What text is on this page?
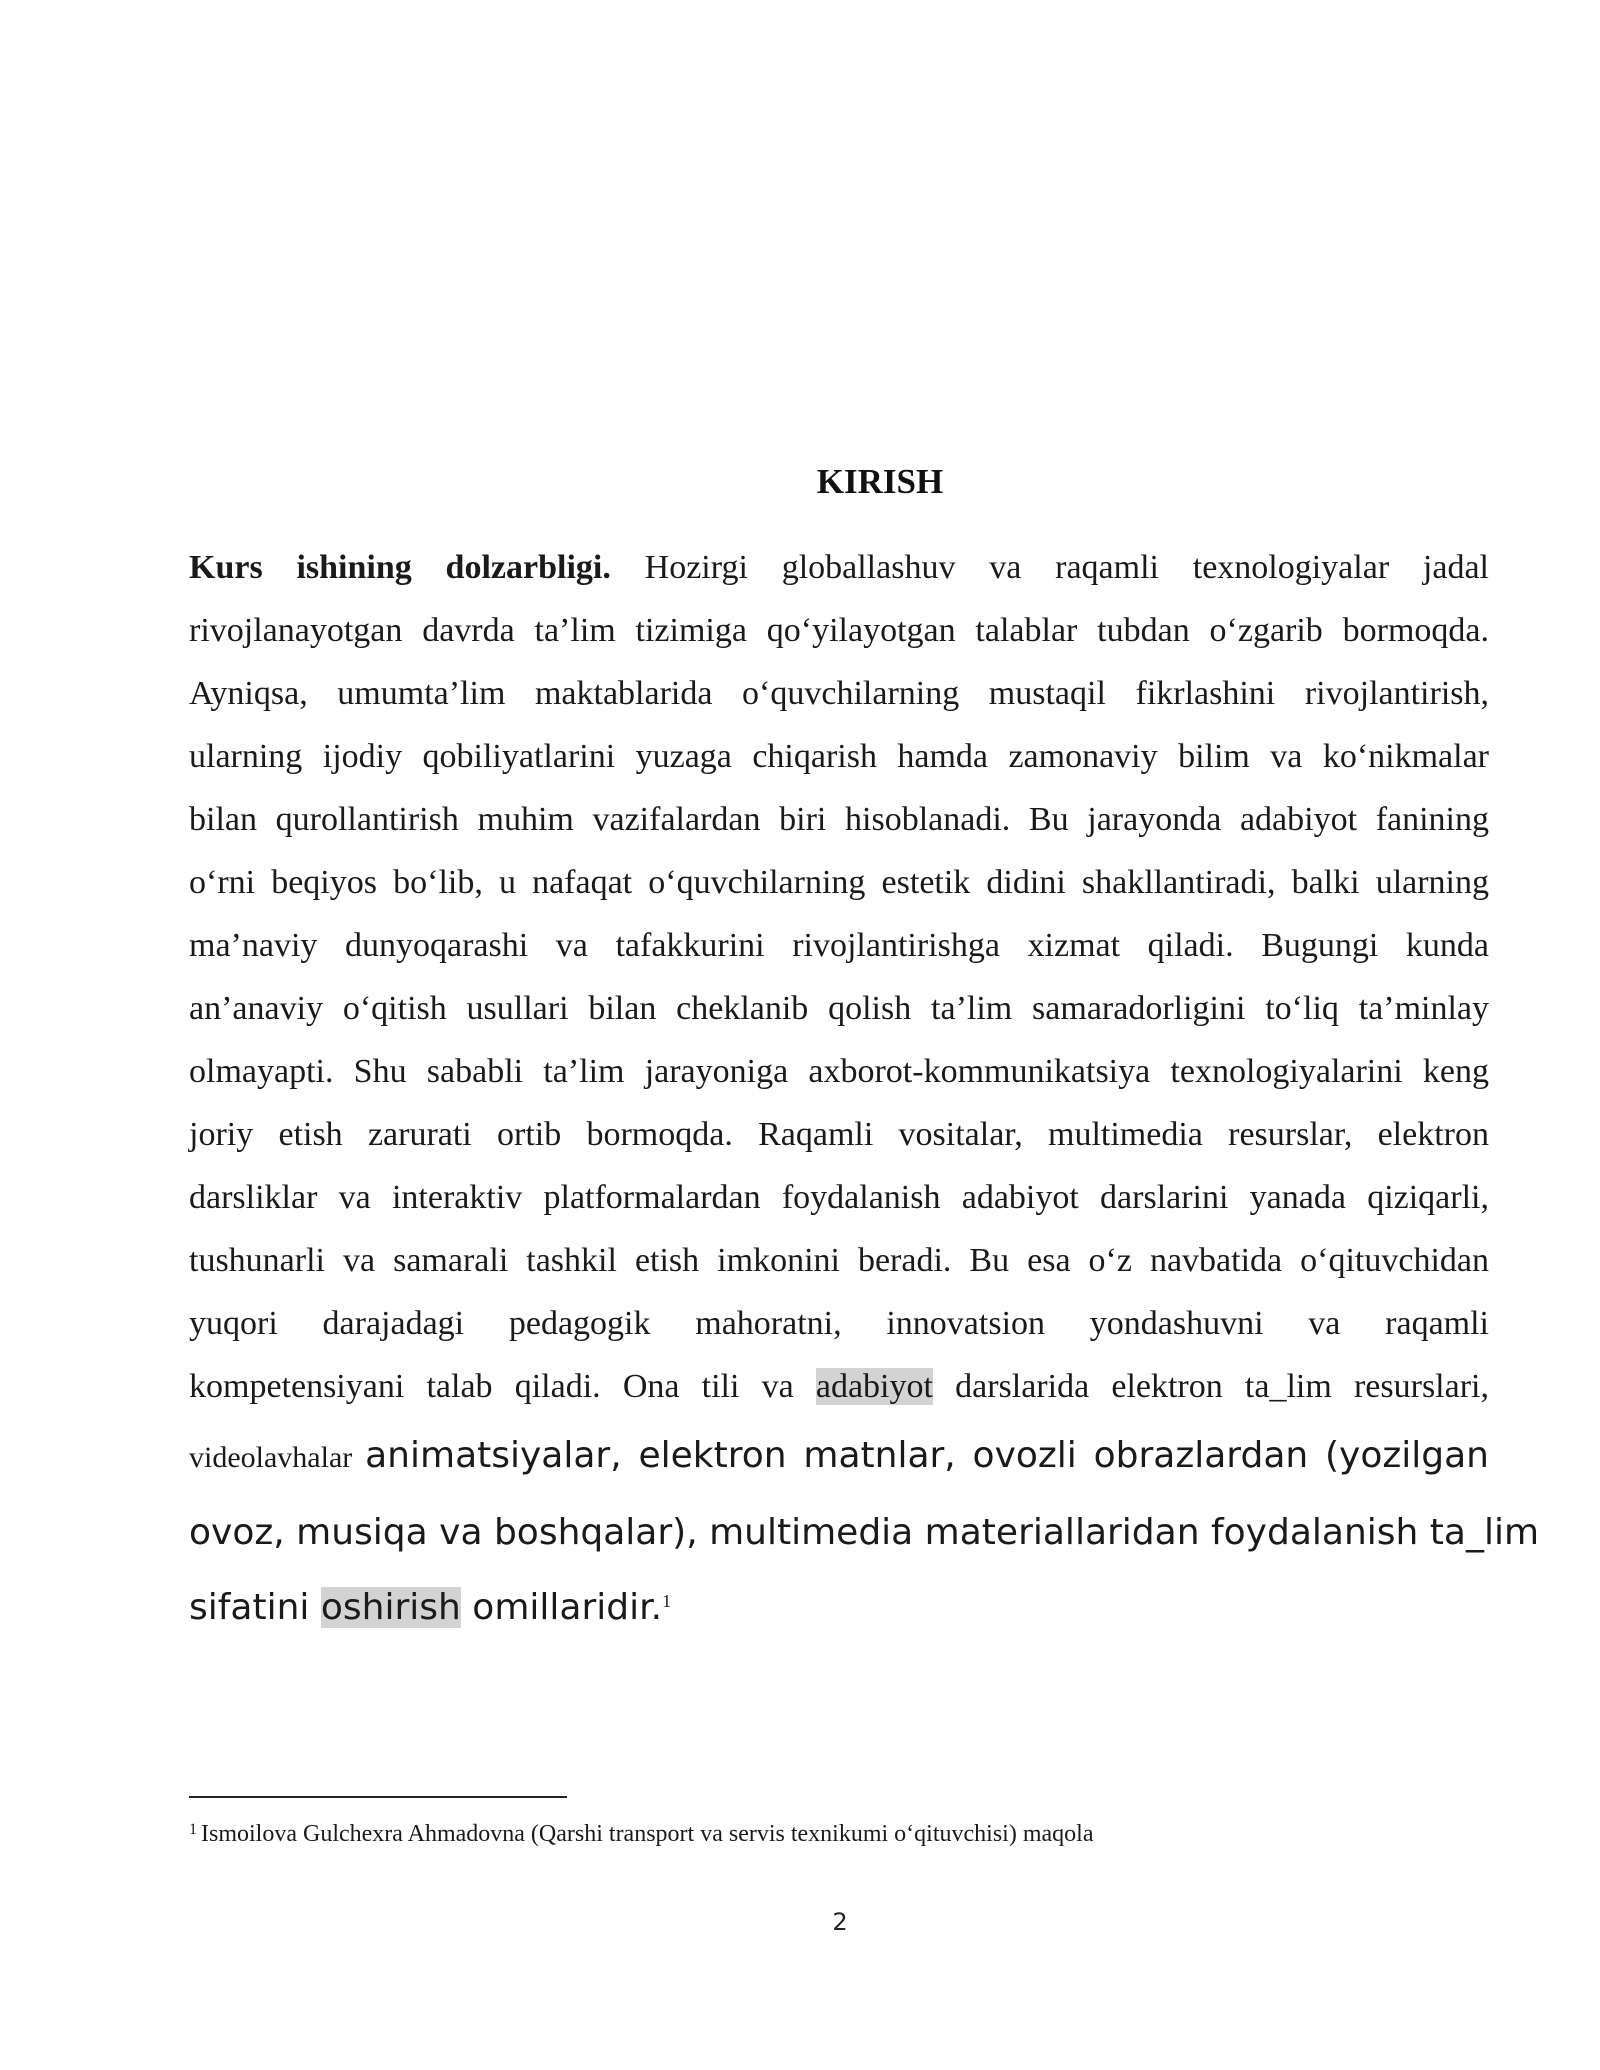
KIRISH
Kurs ishining dolzarbligi. Hozirgi globallashuv va raqamli texnologiyalar jadal
rivojlanayotgan davrda ta’lim tizimiga qo‘yilayotgan talablar tubdan o‘zgarib bormoqda.
Ayniqsa, umumta’lim maktablarida o‘quvchilarning mustaqil fikrlashini rivojlantirish,
ularning ijodiy qobiliyatlarini yuzaga chiqarish hamda zamonaviy bilim va ko‘nikmalar
bilan qurollantirish muhim vazifalardan biri hisoblanadi. Bu jarayonda adabiyot fanining
o‘rni beqiyos bo‘lib, u nafaqat o‘quvchilarning estetik didini shakllantiradi, balki ularning
ma’naviy dunyoqarashi va tafakkurini rivojlantirishga xizmat qiladi. Bugungi kunda
an’anaviy o‘qitish usullari bilan cheklanib qolish ta’lim samaradorligini to‘liq ta’minlay
olmayapti. Shu sababli ta’lim jarayoniga axborot-kommunikatsiya texnologiyalarini keng
joriy etish zarurati ortib bormoqda. Raqamli vositalar, multimedia resurslar, elektron
darsliklar va interaktiv platformalardan foydalanish adabiyot darslarini yanada qiziqarli,
tushunarli va samarali tashkil etish imkonini beradi. Bu esa o‘z navbatida o‘qituvchidan
yuqori darajadagi pedagogik mahoratni, innovatsion yondashuvni va raqamli
kompetensiyani talab qiladi. Ona tili va adabiyot darslarida elektron ta_lim resurslari,
videolavhalar animatsiyalar, elektron matnlar, ovozli obrazlardan (yozilgan
ovoz, musiqa va boshqalar), multimedia materiallaridan foydalanish ta_lim
sifatini oshirish omillaridir.$^1$
$^1$ Ismoilova Gulchexra Ahmadovna (Qarshi transport va servis texnikumi o‘qituvchisi) maqola
2
